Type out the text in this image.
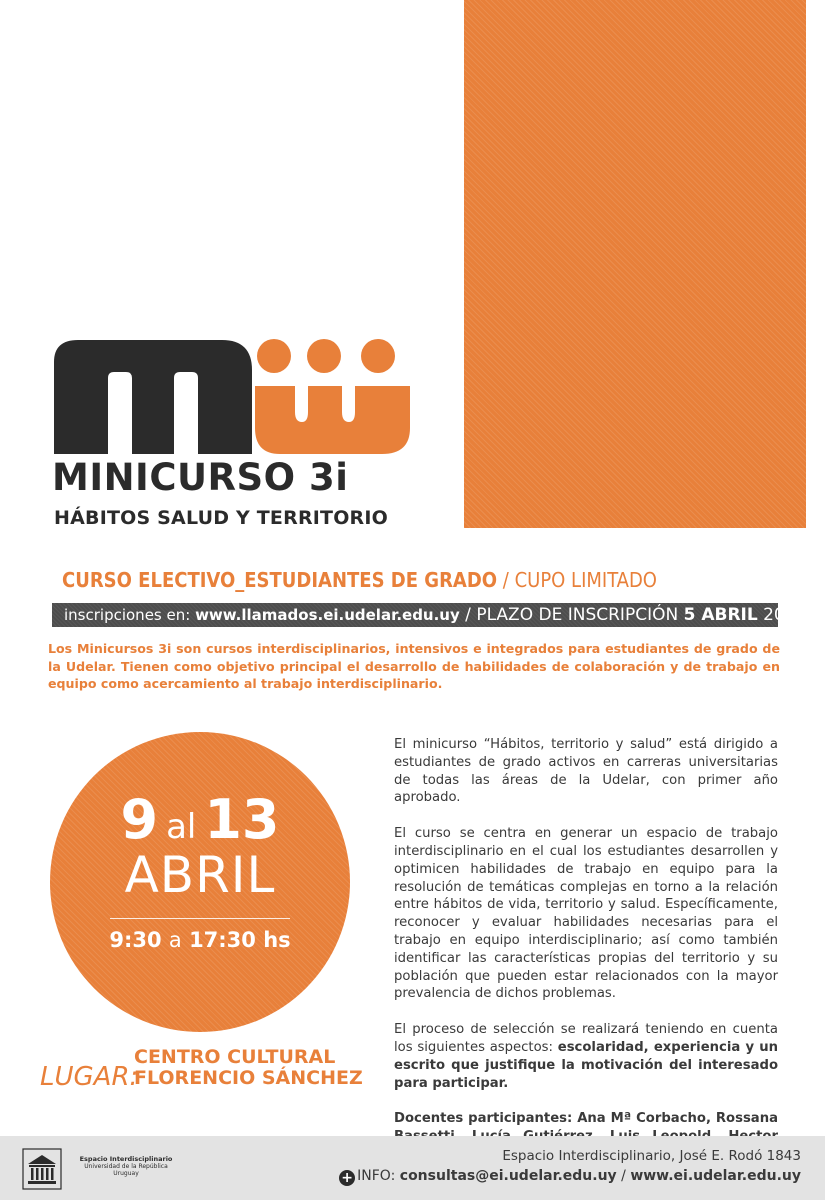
MINICURSO 3i
HÁBITOS SALUD Y TERRITORIO
CURSO ELECTIVO_ESTUDIANTES DE GRADO / CUPO LIMITADO
inscripciones en: www.llamados.ei.udelar.edu.uy / PLAZO DE INSCRIPCIÓN 5 ABRIL 2018
Los Minicursos 3i son cursos interdisciplinarios, intensivos e integrados para estudiantes de grado de la Udelar. Tienen como objetivo principal el desarrollo de habilidades de colaboración y de trabajo en equipo como acercamiento al trabajo interdisciplinario.
9 al 13
ABRIL
9:30 a 17:30 hs
LUGAR:
CENTRO CULTURAL
FLORENCIO SÁNCHEZ

El minicurso “Hábitos, territorio y salud” está dirigido a estudiantes de grado activos en carreras universitarias de todas las áreas de la Udelar, con primer año aprobado.

El curso se centra en generar un espacio de trabajo interdisciplinario en el cual los estudiantes desarrollen y optimicen habilidades de trabajo en equipo para la resolución de temáticas complejas en torno a la relación entre hábitos de vida, territorio y salud. Específicamente, reconocer y evaluar habilidades necesarias para el trabajo en equipo interdisciplinario; así como también identificar las características propias del territorio y su población que pueden estar relacionados con la mayor prevalencia de dichos problemas.

El proceso de selección se realizará teniendo en cuenta los siguientes aspectos: escolaridad, experiencia y un escrito que justifique la motivación del interesado para participar.

Docentes participantes: Ana Mª Corbacho, Rossana

Espacio Interdisciplinario
Universidad de la República
Uruguay
Espacio Interdisciplinario, José E. Rodó 1843
+ INFO: consultas@ei.udelar.edu.uy / www.ei.udelar.edu.uy
